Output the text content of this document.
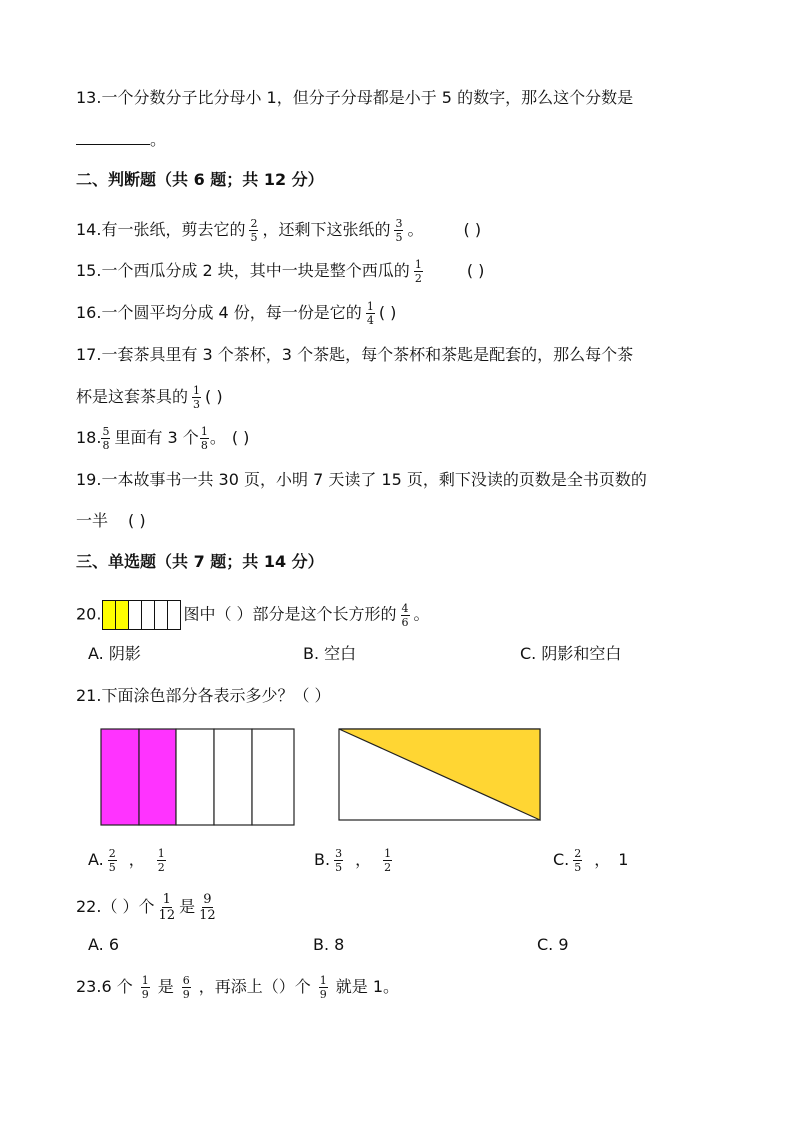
13.一个分数分子比分母小 1，但分子分母都是小于 5 的数字，那么这个分数是
。
二、判断题（共 6 题；共 12 分）
14.有一张纸，剪去它的 $\frac{2}{5}$ ，还剩下这张纸的 $\frac{3}{5}$ 。	( )
15.一个西瓜分成 2 块，其中一块是整个西瓜的 $\frac{1}{2}$	( )
16.一个圆平均分成 4 份，每一份是它的 $\frac{1}{4}$ ( )
17.一套茶具里有 3 个茶杯，3 个茶匙，每个茶杯和茶匙是配套的，那么每个茶
杯是这套茶具的 $\frac{1}{3}$ ( )
18. $\frac{5}{8}$ 里面有 3 个 $\frac{1}{8}$ 。 ( )
19.一本故事书一共 30 页，小明 7 天读了 15 页，剩下没读的页数是全书页数的
一半 ( )
三、单选题（共 7 题；共 14 分）
20.	图中（ ）部分是这个长方形的 $\frac{4}{6}$ 。
A. 阴影	B. 空白	C. 阴影和空白
21.下面涂色部分各表示多少？（ ）
A. $\frac{2}{5}$ ， $\frac{1}{2}$	B. $\frac{3}{5}$ ， $\frac{1}{2}$	C. $\frac{2}{5}$ ， 1
22.（ ）个 $\frac{1}{12}$ 是 $\frac{9}{12}$
A. 6	B. 8	C. 9
23.6 个 $\frac{1}{9}$ 是 $\frac{6}{9}$ ，再添上（）个 $\frac{1}{9}$ 就是 1。
